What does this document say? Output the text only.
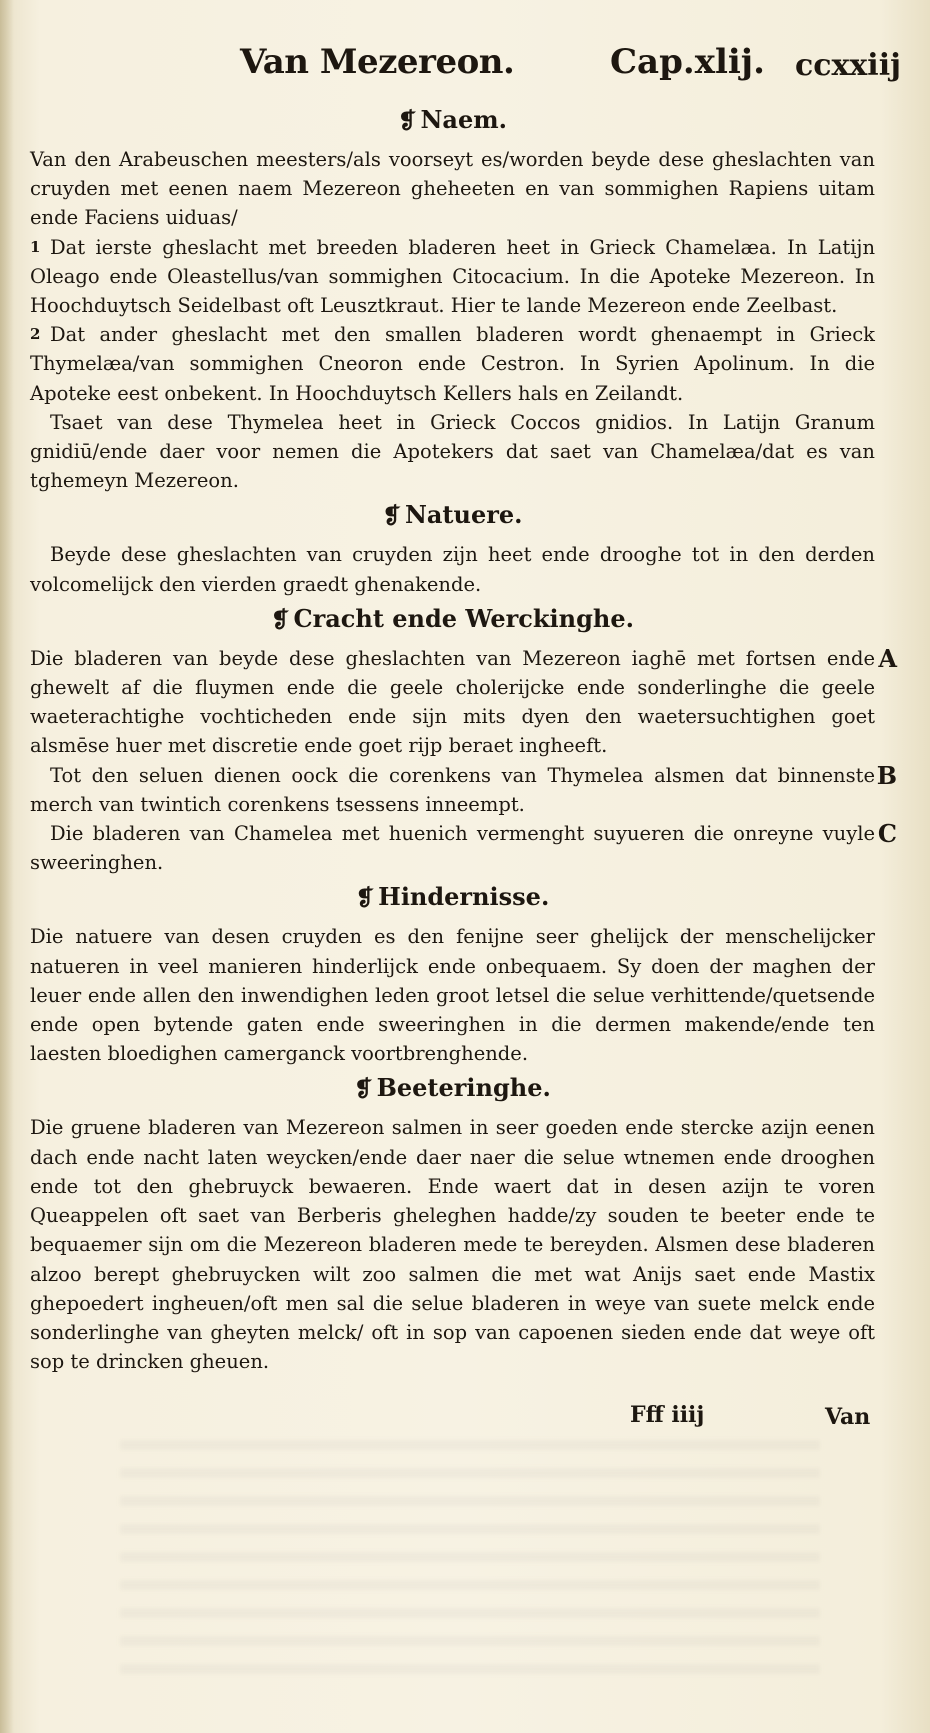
Van Mezereon.	Cap.xlij. ccxxiij
❡ Naem.

Van den Arabeuschen meesters/als voorseyt es/worden beyde dese gheslachten van cruyden met eenen naem Mezereon gheheeten en van sommighen Rapiens uitam ende Faciens uiduas/

1 Dat ierste gheslacht met breeden bladeren heet in Grieck Chamelæa. In Latijn Oleago ende Oleastellus/van sommighen Citocacium. In die Apoteke Mezereon. In Hoochduytsch Seidelbast oft Leusztkraut. Hier te lande Mezereon ende Zeelbast.

2 Dat ander gheslacht met den smallen bladeren wordt ghenaempt in Grieck Thymelæa/van sommighen Cneoron ende Cestron. In Syrien Apolinum. In die Apoteke eest onbekent. In Hoochduytsch Kellers hals en Zeilandt.

Tsaet van dese Thymelea heet in Grieck Coccos gnidios. In Latijn Granum gnidiū/ende daer voor nemen die Apotekers dat saet van Chamelæa/dat es van tghemeyn Mezereon.

❡ Natuere.

Beyde dese gheslachten van cruyden zijn heet ende drooghe tot in den derden volcomelijck den vierden graedt ghenakende.

❡ Cracht ende Werckinghe.

A
Die bladeren van beyde dese gheslachten van Mezereon iaghē met fortsen ende ghewelt af die fluymen ende die geele cholerijcke ende sonderlinghe die geele waeterachtighe vochticheden ende sijn mits dyen den waetersuchtighen goet alsmēse huer met discretie ende goet rijp beraet ingheeft.

B
Tot den seluen dienen oock die corenkens van Thymelea alsmen dat binnenste merch van twintich corenkens tsessens inneempt.

C
Die bladeren van Chamelea met huenich vermenght suyueren die onreyne vuyle sweeringhen.

❡ Hindernisse.

Die natuere van desen cruyden es den fenijne seer ghelijck der menschelijcker natueren in veel manieren hinderlijck ende onbequaem. Sy doen der maghen der leuer ende allen den inwendighen leden groot letsel die selue verhittende/quetsende ende open bytende gaten ende sweeringhen in die dermen makende/ende ten laesten bloedighen camerganck voortbrenghende.

❡ Beeteringhe.

Die gruene bladeren van Mezereon salmen in seer goeden ende stercke azijn eenen dach ende nacht laten weycken/ende daer naer die selue wtnemen ende drooghen ende tot den ghebruyck bewaeren. Ende waert dat in desen azijn te voren Queappelen oft saet van Berberis gheleghen hadde/zy souden te beeter ende te bequaemer sijn om die Mezereon bladeren mede te bereyden. Alsmen dese bladeren alzoo berept ghebruycken wilt zoo salmen die met wat Anijs saet ende Mastix ghepoedert ingheuen/oft men sal die selue bladeren in weye van suete melck ende sonderlinghe van gheyten melck/ oft in sop van capoenen sieden ende dat weye oft sop te drincken gheuen.

Fff iiij	Van
